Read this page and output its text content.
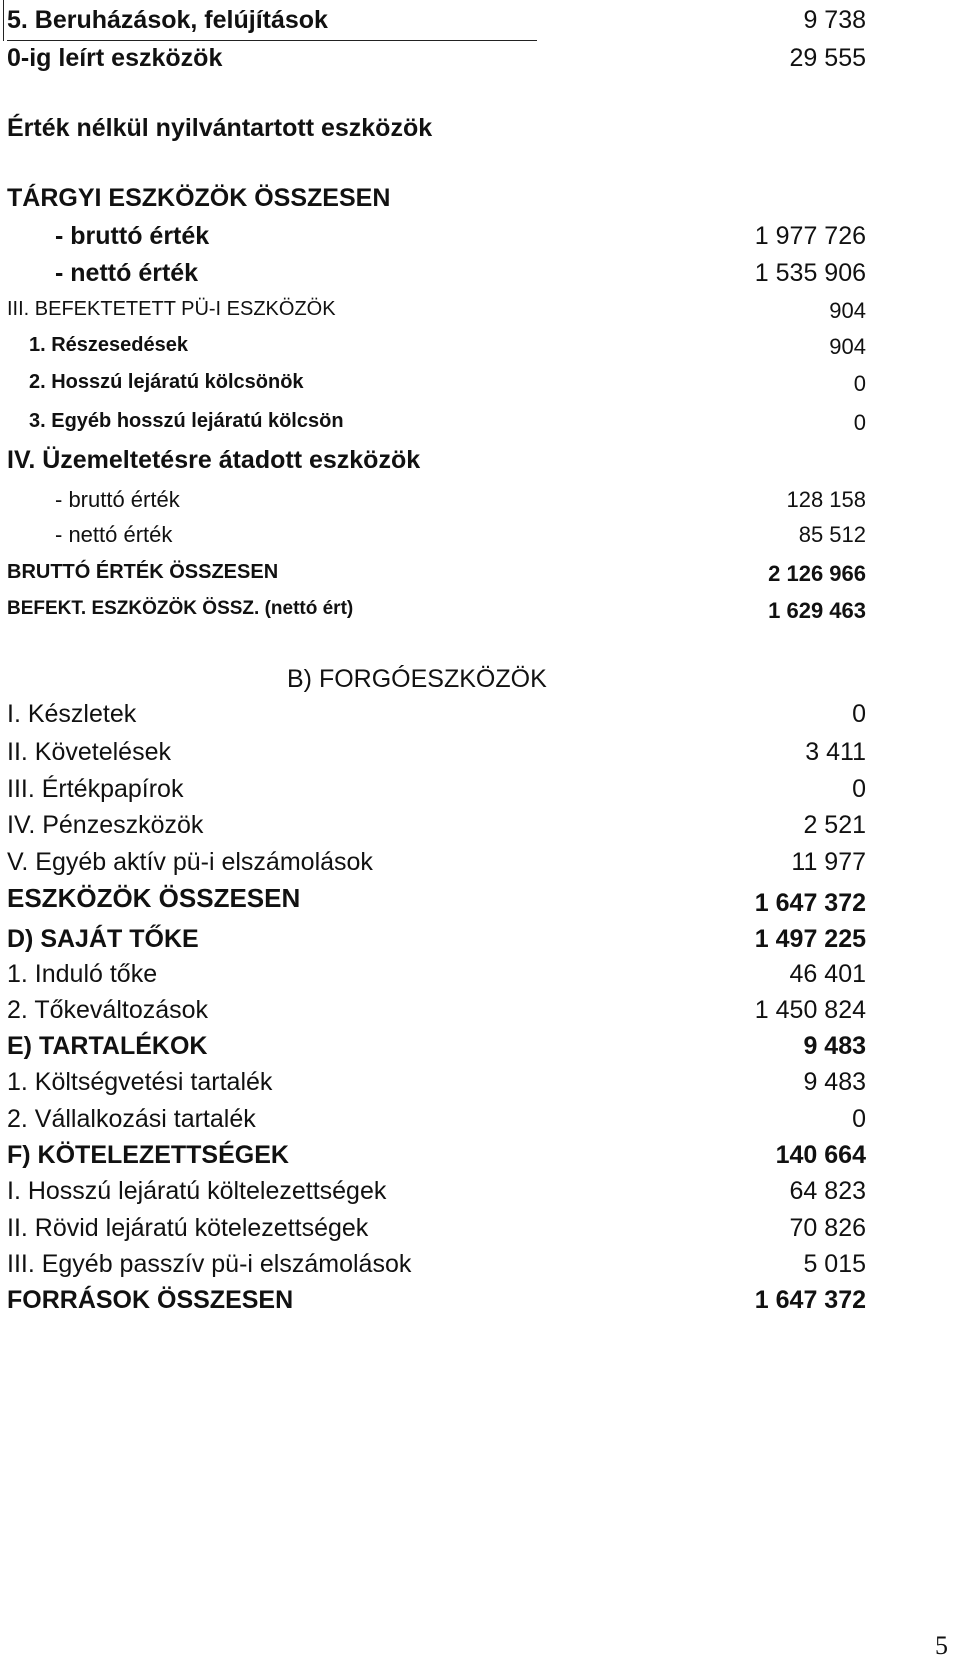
5. Beruházások, felújítások	9 738
0-ig leírt eszközök	29 555
Érték nélkül nyilvántartott eszközök
TÁRGYI ESZKÖZÖK ÖSSZESEN
- bruttó érték	1 977 726
- nettó érték	1 535 906
III. BEFEKTETETT PÜ-I ESZKÖZÖK	904
1. Részesedések	904
2. Hosszú lejáratú kölcsönök	0
3. Egyéb hosszú lejáratú kölcsön	0
IV. Üzemeltetésre átadott eszközök
- bruttó érték	128 158
- nettó érték	85 512
BRUTTÓ ÉRTÉK ÖSSZESEN	2 126 966
BEFEKT. ESZKÖZÖK ÖSSZ. (nettó ért)	1 629 463
B) FORGÓESZKÖZÖK
I. Készletek	0
II. Követelések	3 411
III. Értékpapírok	0
IV. Pénzeszközök	2 521
V. Egyéb aktív pü-i elszámolások	11 977
ESZKÖZÖK ÖSSZESEN	1 647 372
D) SAJÁT TŐKE	1 497 225
1. Induló tőke	46 401
2. Tőkeváltozások	1 450 824
E) TARTALÉKOK	9 483
1. Költségvetési tartalék	9 483
2. Vállalkozási tartalék	0
F) KÖTELEZETTSÉGEK	140 664
I. Hosszú lejáratú költelezettségek	64 823
II. Rövid lejáratú kötelezettségek	70 826
III. Egyéb passzív pü-i elszámolások	5 015
FORRÁSOK ÖSSZESEN	1 647 372
5
